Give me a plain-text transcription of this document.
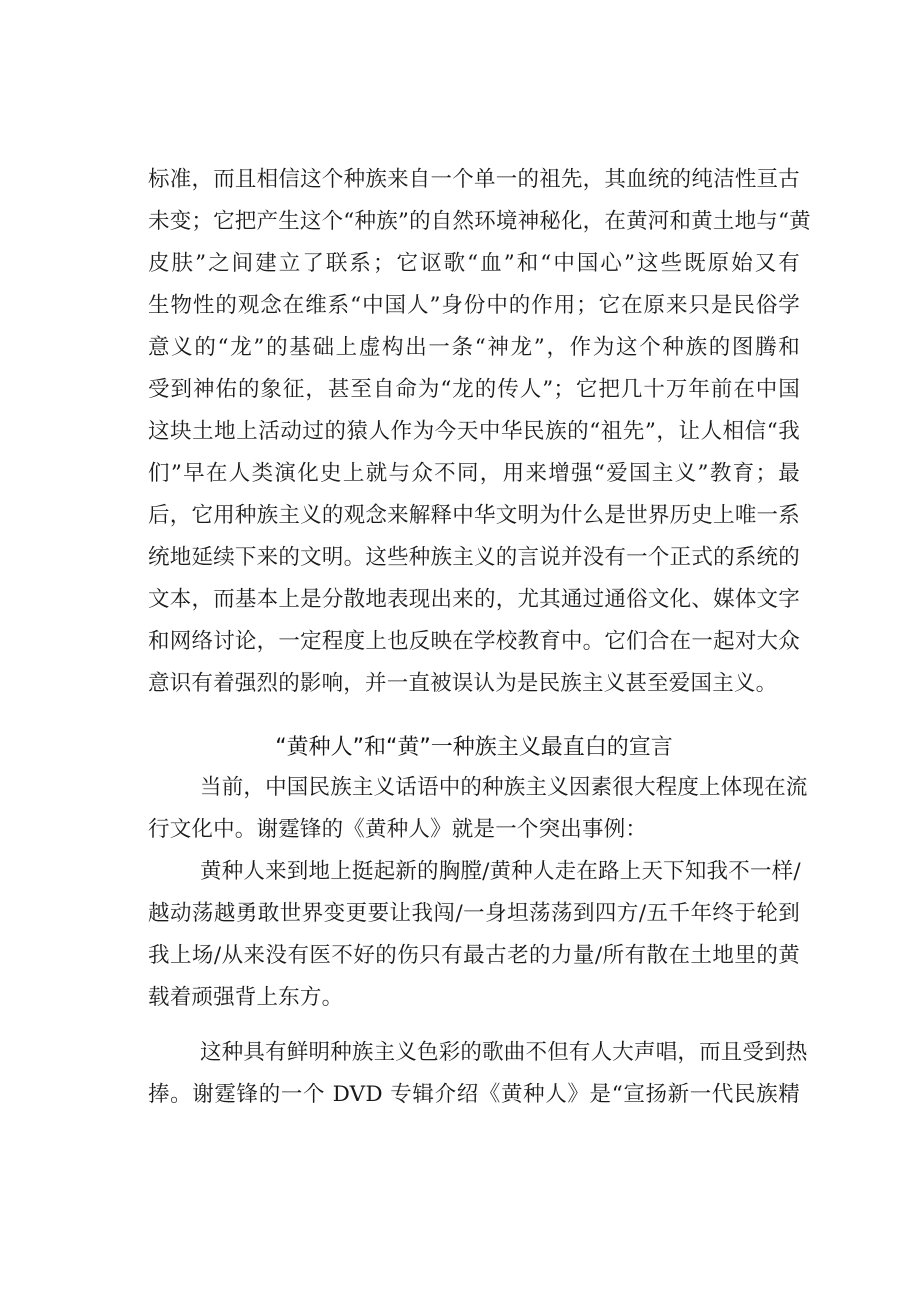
标准，而且相信这个种族来自一个单一的祖先，其血统的纯洁性亘古
未变；它把产生这个“种族”的自然环境神秘化，在黄河和黄土地与“黄
皮肤”之间建立了联系；它讴歌“血”和“中国心”这些既原始又有
生物性的观念在维系“中国人”身份中的作用；它在原来只是民俗学
意义的“龙”的基础上虚构出一条“神龙”，作为这个种族的图腾和
受到神佑的象征，甚至自命为“龙的传人”；它把几十万年前在中国
这块土地上活动过的猿人作为今天中华民族的“祖先”，让人相信“我
们”早在人类演化史上就与众不同，用来增强“爱国主义”教育；最
后，它用种族主义的观念来解释中华文明为什么是世界历史上唯一系
统地延续下来的文明。这些种族主义的言说并没有一个正式的系统的
文本，而基本上是分散地表现出来的，尤其通过通俗文化、媒体文字
和网络讨论，一定程度上也反映在学校教育中。它们合在一起对大众
意识有着强烈的影响，并一直被误认为是民族主义甚至爱国主义。
“黄种人”和“黄”一种族主义最直白的宣言
当前，中国民族主义话语中的种族主义因素很大程度上体现在流
行文化中。谢霆锋的《黄种人》就是一个突出事例：
黄种人来到地上挺起新的胸膛/黄种人走在路上天下知我不一样/
越动荡越勇敢世界变更要让我闯/一身坦荡荡到四方/五千年终于轮到
我上场/从来没有医不好的伤只有最古老的力量/所有散在土地里的黄
载着顽强背上东方。
这种具有鲜明种族主义色彩的歌曲不但有人大声唱，而且受到热
捧。谢霆锋的一个 DVD 专辑介绍《黄种人》是“宣扬新一代民族精
